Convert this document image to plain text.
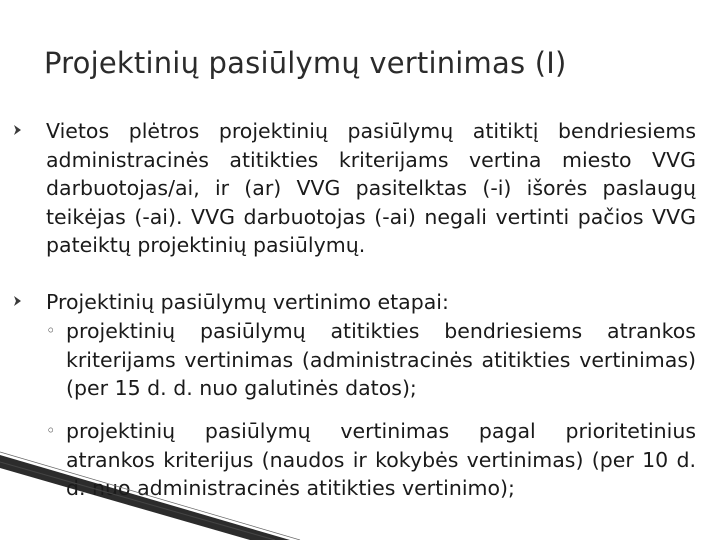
Projektinių pasiūlymų vertinimas (I)
Vietos plėtros projektinių pasiūlymų atitiktį bendriesiems administracinės atitikties kriterijams vertina miesto VVG darbuotojas/ai, ir (ar) VVG pasitelktas (-i) išorės paslaugų teikėjas (-ai). VVG darbuotojas (-ai) negali vertinti pačios VVG pateiktų projektinių pasiūlymų.
Projektinių pasiūlymų vertinimo etapai:
◦ projektinių pasiūlymų atitikties bendriesiems atrankos kriterijams vertinimas (administracinės atitikties vertinimas) (per 15 d. d. nuo galutinės datos);
◦ projektinių pasiūlymų vertinimas pagal prioritetinius atrankos kriterijus (naudos ir kokybės vertinimas) (per 10 d. d. nuo administracinės atitikties vertinimo);
